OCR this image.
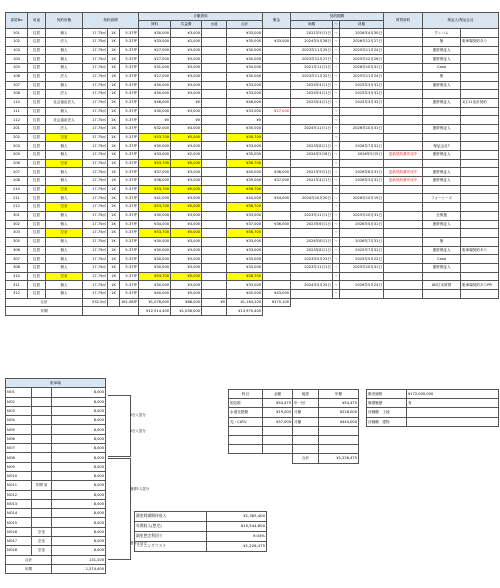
部屋No	用途	契約形態	契約面積			月額賃料				敷金	契約期間			賃貸契約	保証人/保証会社	
						賃料	共益費	水道	合計		始期	～	終期			
101	住居	個人	17.75㎡	1K	5.37坪	¥30,000	¥3,000		¥33,000		2021年5月1日	～	2026年4月30日		クレコム	
102	住居	法人	17.75㎡	1K	5.37坪	¥33,000	¥2,000		¥35,000	¥33,000	2024年5月28日	～	2026年12月27日		無	駐車場契約あり
103	住居	個人	17.75㎡	1K	5.37坪	¥27,000	¥3,000		¥30,000		2023年11月25日	～	2025年11月24日		連帯保証人	
104	住居	個人	17.75㎡	1K	5.37坪	¥27,000	¥3,000		¥30,000		2023年12月27日	～	2025年12月26日		連帯保証人	
105	住居	個人	17.75㎡	1K	5.37坪	¥31,000	¥3,000		¥34,000		2021年11月1日	～	2026年10月31日		Casa	
106	住居	法人	17.75㎡	1K	5.37坪	¥27,000	¥3,000		¥30,000		2023年11月25日	～	2025年11月24日		無	
107	住居	個人	17.75㎡	1K	5.37坪	¥30,000	¥3,000		¥33,000		2023年4月1日	～	2025年3月31日		連帯保証人	
108	住居	法人	17.75㎡	1K	5.37坪	¥30,000	¥3,000		¥33,000		2023年4月1日	～	2025年3月31日			
110	住居	社会福祉法人	17.75㎡	1K	5.37坪	¥46,000	¥0		¥46,000		2023年4月1日	～	2025年3月31日		連帯保証人	1区11室計契約
111	住居	個人	17.75㎡	1K	5.37坪	¥30,000	¥3,000		¥33,000	¥27,000		～				
112	住居	社会福祉法人	17.75㎡	1K	5.37坪	¥0	¥0		¥0			～				
201	住居	法人	17.75㎡	1K	5.37坪	¥32,000	¥3,000		¥35,000		2024年11月1日	～	2026年10月31日		連帯保証人	
202	住居	空室	17.75㎡	1K	5.37坪	¥53,700	¥5,000		¥58,700			～				
203	住居	個人	17.75㎡	1K	5.37坪	¥30,000	¥3,000		¥33,000		2023年8月1日	～	2026年7月31日		保証会社?	
205	住居	個人	17.75㎡	1K	5.37坪	¥33,000	¥2,000		¥35,000		2024年5月6日	～	2026年5月5日	更新契約書作成中	連帯保証人	
206	住居	空室	17.75㎡	1K	5.37坪	¥53,700	¥5,000		¥58,700			～				
207	住居	個人	17.75㎡	1K	5.37坪	¥37,000	¥3,000		¥40,000	¥36,000	2021年9月1日	～	2026年8月31日	更新契約書作成中	連帯保証人	
208	住居	個人	17.75㎡	1K	5.37坪	¥36,000	¥3,000		¥39,000	¥37,000	2021年4月1日	～	2026年3月31日	更新契約書作成中	連帯保証人	
210	住居	空室	17.75㎡	1K	5.37坪	¥53,700	¥5,000		¥58,700			～				
211	住居	個人	17.75㎡	1K	5.37坪	¥41,000	¥3,000		¥44,000	¥54,000	2024年10月20日	～	2026年10月19日		フォーシーズ	
212	住居	空室	17.75㎡	1K	5.37坪	¥53,700	¥5,000		¥58,700			～				
301	住居	個人	17.75㎡	1K	5.37坪	¥30,000	¥3,000		¥33,000		2023年11月1日	～	2025年10月31日		全保連	
302	住居	個人	17.75㎡	1K	5.37坪	¥34,000	¥3,000		¥37,000	¥36,000	2023年6月1日	～	2026年5月31日		連帯保証人	
303	住居	空室	17.75㎡	1K	5.37坪	¥53,700	¥5,000		¥58,700			～				
305	住居	個人	17.75㎡	1K	5.37坪	¥30,000	¥3,000		¥33,000		2024年8月1日	～	2026年7月31日		無	
306	住居	個人	17.75㎡	1K	5.37坪	¥30,000	¥3,000		¥33,000		2023年8月1日	～	2025年7月31日		連帯保証人	駐車場契約あり
307	住居	個人	17.75㎡	1K	5.37坪	¥30,000	¥3,000		¥33,000		2023年5月23日	～	2025年5月22日		Casa	
308	住居	個人	17.75㎡	1K	5.37坪	¥30,000	¥3,000		¥33,000		2023年11月1日	～	2025年10月31日		連帯保証人	
310	住居	空室	17.75㎡	1K	5.37坪	¥53,700	¥5,000		¥58,700			～				
311	住居	個人	17.75㎡	1K	5.37坪	¥30,000	¥3,000		¥33,000		2024年5月25日	～	2026年5月24日		JID日本賃貸	駐車場契約ありPR
312	住居	個人	17.75㎡	1K	5.37坪	¥40,000	¥5,000		¥45,000	¥43,000		～				
合計			532.5㎡		161.08坪	¥1,076,000	¥88,000	¥0	¥1,164,200	¥370,100						
年間						¥12,914,400	¥1,056,000		¥13,970,400							
駐車場		
NO1		8,000
NO2		8,000
NO3		8,000
NO4		8,000
NO5		8,000
NO6		8,000
NO7		8,000
NO8		8,000
NO9		8,000
NO10		8,000
NO11	年間 用	8,000
NO12		8,000
NO13		8,000
NO14		8,000
NO15		8,000
NO16	空室	8,000
NO17	空室	8,000
NO18	空室	8,000
合計		131,200
年間		1,574,400
2台入居分
2台入居分
連帯1入居分
連帯入居分
科目	金額	頻度	年額
固定税	¥54,475	年一回	¥54,475
水道光熱費	¥19,000	月額	¥228,000
光・CATV	¥37,000	月額	¥444,000

		合計	¥1,226,475
販売価格	¥172,000,000
修繕履歴	有
評価額　土地	
評価額　建物	
満室時満期待収入	¥1,383,400
年間収入(想定)	¥15,544,800
満室想定利回り	9.04%
ランニングコスト	¥1,226,475
